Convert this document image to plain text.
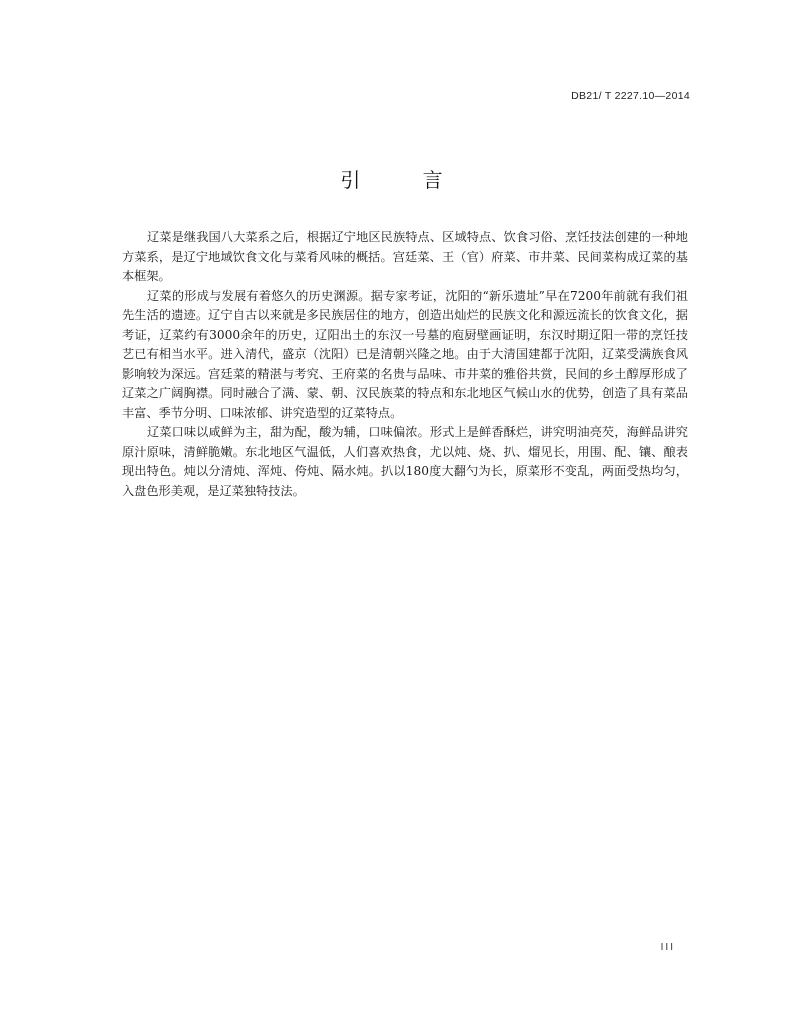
DB21/ T 2227.10—2014
引 言

辽菜是继我国八大菜系之后，根据辽宁地区民族特点、区域特点、饮食习俗、烹饪技法创建的一种地方菜系，是辽宁地域饮食文化与菜肴风味的概括。宫廷菜、王（官）府菜、市井菜、民间菜构成辽菜的基本框架。

辽菜的形成与发展有着悠久的历史渊源。据专家考证，沈阳的“新乐遗址”早在7200年前就有我们祖先生活的遗迹。辽宁自古以来就是多民族居住的地方，创造出灿烂的民族文化和源远流长的饮食文化，据考证，辽菜约有3000余年的历史，辽阳出土的东汉一号墓的庖厨壁画证明，东汉时期辽阳一带的烹饪技艺已有相当水平。进入清代，盛京（沈阳）已是清朝兴隆之地。由于大清国建都于沈阳，辽菜受满族食风影响较为深远。宫廷菜的精湛与考究、王府菜的名贵与品味、市井菜的雅俗共赏，民间的乡土醇厚形成了辽菜之广阔胸襟。同时融合了满、蒙、朝、汉民族菜的特点和东北地区气候山水的优势，创造了具有菜品丰富、季节分明、口味浓郁、讲究造型的辽菜特点。

辽菜口味以咸鲜为主，甜为配，酸为辅，口味偏浓。形式上是鲜香酥烂，讲究明油亮芡，海鲜品讲究原汁原味，清鲜脆嫩。东北地区气温低，人们喜欢热食，尤以炖、烧、扒、熘见长，用围、配、镶、酿表现出特色。炖以分清炖、浑炖、侉炖、隔水炖。扒以180度大翻勺为长，原菜形不变乱，两面受热均匀，入盘色形美观，是辽菜独特技法。

III
